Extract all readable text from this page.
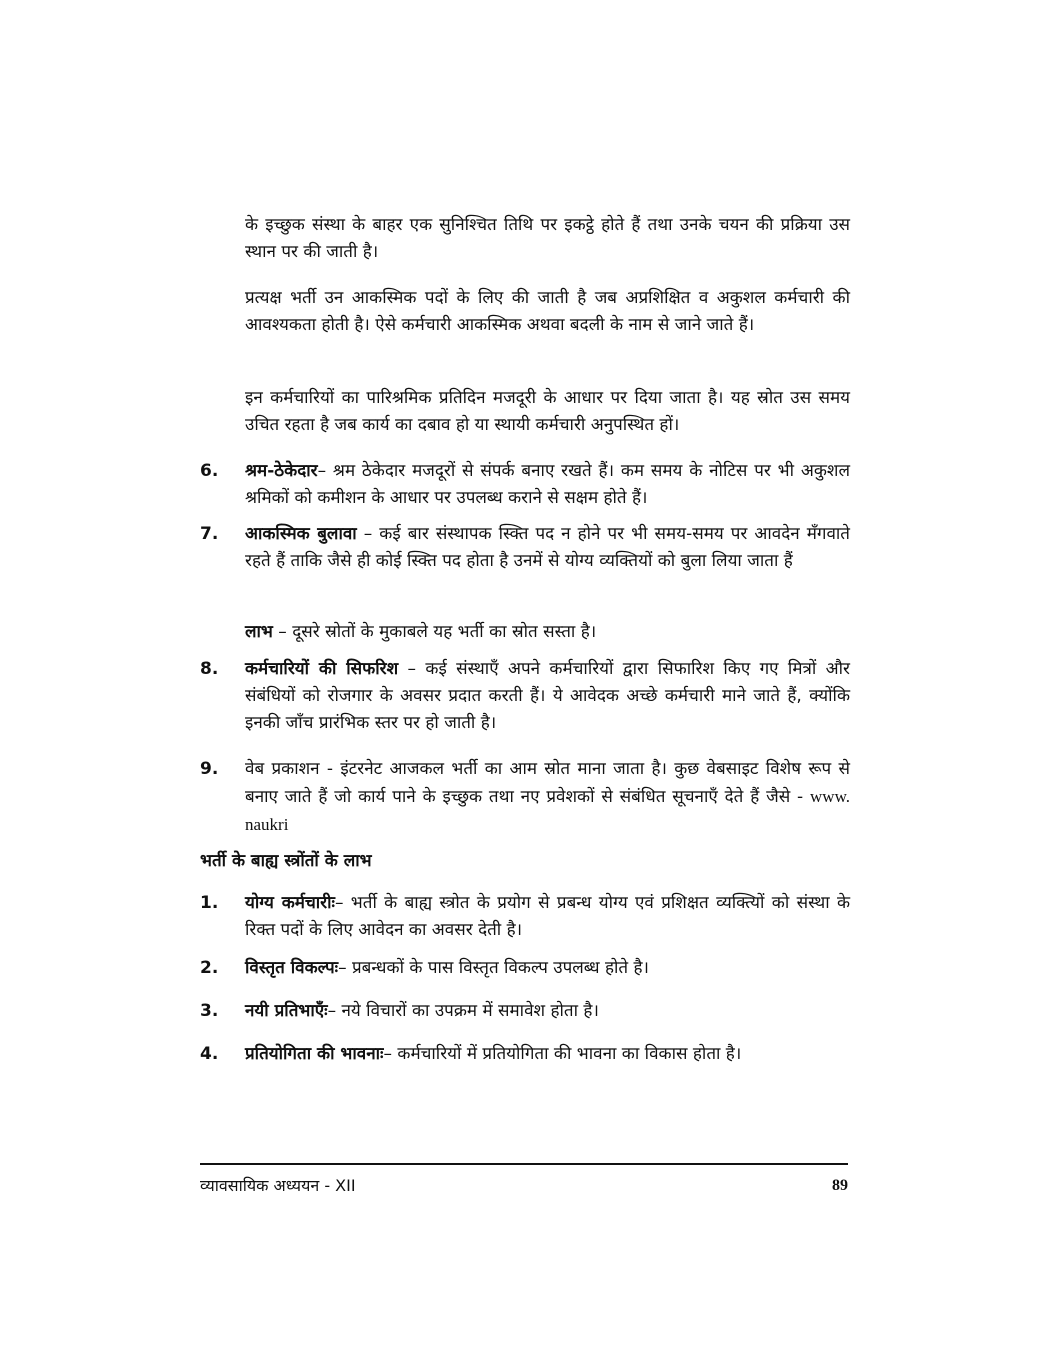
के इच्छुक संस्था के बाहर एक सुनिश्चित तिथि पर इकट्ठे होते हैं तथा उनके चयन की प्रक्रिया उस स्थान पर की जाती है।

प्रत्यक्ष भर्ती उन आकस्मिक पदों के लिए की जाती है जब अप्रशिक्षित व अकुशल कर्मचारी की आवश्यकता होती है। ऐसे कर्मचारी आकस्मिक अथवा बदली के नाम से जाने जाते हैं।

इन कर्मचारियों का पारिश्रमिक प्रतिदिन मजदूरी के आधार पर दिया जाता है। यह स्रोत उस समय उचित रहता है जब कार्य का दबाव हो या स्थायी कर्मचारी अनुपस्थित हों।

6.	श्रम-ठेकेदार– श्रम ठेकेदार मजदूरों से संपर्क बनाए रखते हैं। कम समय के नोटिस पर भी अकुशल श्रमिकों को कमीशन के आधार पर उपलब्ध कराने से सक्षम होते हैं।
7.	आकस्मिक बुलावा – कई बार संस्थापक स्क्ति पद न होने पर भी समय-समय पर आवदेन मँगवाते रहते हैं ताकि जैसे ही कोई स्क्ति पद होता है उनमें से योग्य व्यक्तियों को बुला लिया जाता हैं
लाभ – दूसरे स्रोतों के मुकाबले यह भर्ती का स्रोत सस्ता है।
8.	कर्मचारियों की सिफरिश – कई संस्थाएँ अपने कर्मचारियों द्वारा सिफारिश किए गए मित्रों और संबंधियों को रोजगार के अवसर प्रदात करती हैं। ये आवेदक अच्छे कर्मचारी माने जाते हैं, क्योंकि इनकी जाँच प्रारंभिक स्तर पर हो जाती है।
9.	वेब प्रकाशन - इंटरनेट आजकल भर्ती का आम स्रोत माना जाता है। कुछ वेबसाइट विशेष रूप से बनाए जाते हैं जो कार्य पाने के इच्छुक तथा नए प्रवेशकों से संबंधित सूचनाएँ देते हैं जैसे - www. naukri
भर्ती के बाह्य स्त्रोंतों के लाभ
1.	योग्य कर्मचारीः– भर्ती के बाह्य स्त्रोत के प्रयोग से प्रबन्ध योग्य एवं प्रशिक्षत व्यक्त्यिों को संस्था के रिक्त पदों के लिए आवेदन का अवसर देती है।
2.	विस्तृत विकल्पः– प्रबन्धकों के पास विस्तृत विकल्प उपलब्ध होते है।
3.	नयी प्रतिभाएँः– नये विचारों का उपक्रम में समावेश होता है।
4.	प्रतियोगिता की भावनाः– कर्मचारियों में प्रतियोगिता की भावना का विकास होता है।
व्यावसायिक अध्ययन - XII	89
